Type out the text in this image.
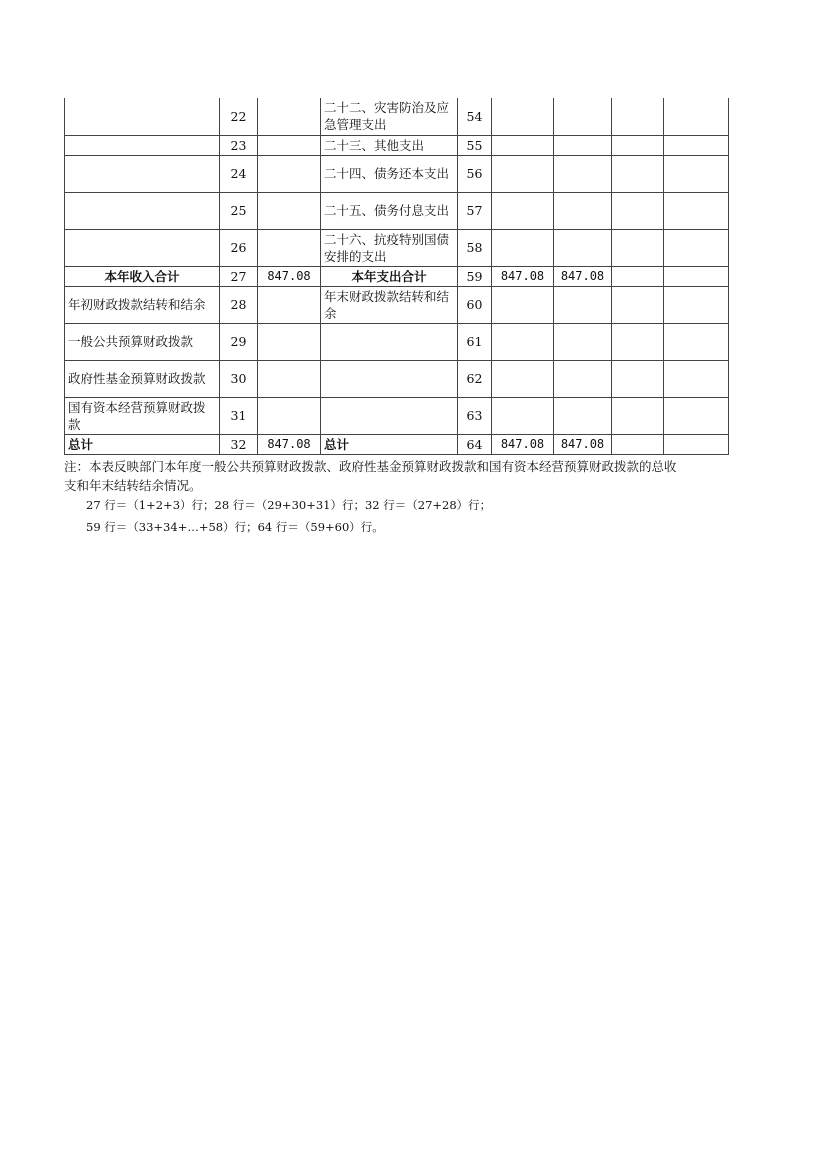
	22		二十二、灾害防治及应急管理支出	54				
	23		二十三、其他支出	55				
	24		二十四、债务还本支出	56				
	25		二十五、债务付息支出	57				
	26		二十六、抗疫特别国债安排的支出	58				
本年收入合计	27	847.08	本年支出合计	59	847.08	847.08		
年初财政拨款结转和结余	28		年末财政拨款结转和结余	60				
一般公共预算财政拨款	29			61				
政府性基金预算财政拨款	30			62				
国有资本经营预算财政拨款	31			63				
总计	32	847.08	总计	64	847.08	847.08		
注：本表反映部门本年度一般公共预算财政拨款、政府性基金预算财政拨款和国有资本经营预算财政拨款的总收支和年末结转结余情况。
27 行＝（1+2+3）行；28 行＝（29+30+31）行；32 行＝（27+28）行；
59 行＝（33+34+…+58）行；64 行＝（59+60）行。
